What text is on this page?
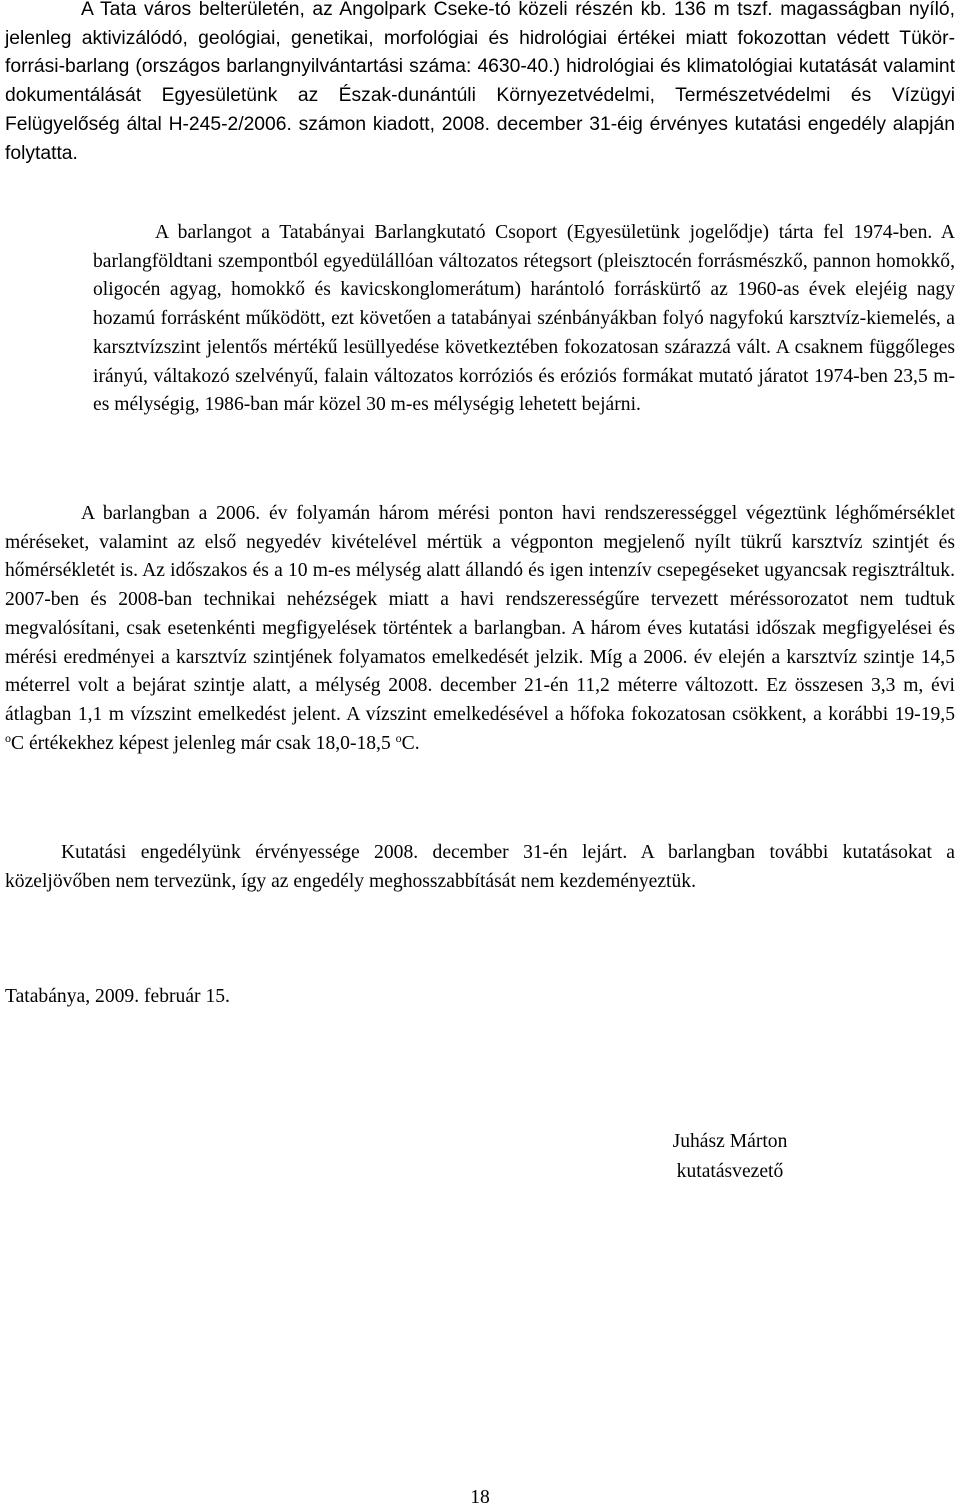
A Tata város belterületén, az Angolpark Cseke-tó közeli részén kb. 136 m tszf. magasságban nyíló, jelenleg aktivizálódó, geológiai, genetikai, morfológiai és hidrológiai értékei miatt fokozottan védett Tükör-forrási-barlang (országos barlangnyilvántartási száma: 4630-40.) hidrológiai és klimatológiai kutatását valamint dokumentálását Egyesületünk az Észak-dunántúli Környezetvédelmi, Természetvédelmi és Vízügyi Felügyelőség által H-245-2/2006. számon kiadott, 2008. december 31-éig érvényes kutatási engedély alapján folytatta.

A barlangot a Tatabányai Barlangkutató Csoport (Egyesületünk jogelődje) tárta fel 1974-ben. A barlangföldtani szempontból egyedülállóan változatos rétegsort (pleisztocén forrásmészkő, pannon homokkő, oligocén agyag, homokkő és kavicskonglomerátum) harántoló forráskürtő az 1960-as évek elejéig nagy hozamú forrásként működött, ezt követően a tatabányai szénbányákban folyó nagyfokú karsztvíz-kiemelés, a karsztvízszint jelentős mértékű lesüllyedése következtében fokozatosan szárazzá vált. A csaknem függőleges irányú, váltakozó szelvényű, falain változatos korróziós és eróziós formákat mutató járatot 1974-ben 23,5 m-es mélységig, 1986-ban már közel 30 m-es mélységig lehetett bejárni.

A barlangban a 2006. év folyamán három mérési ponton havi rendszerességgel végeztünk léghőmérséklet méréseket, valamint az első negyedév kivételével mértük a végponton megjelenő nyílt tükrű karsztvíz szintjét és hőmérsékletét is. Az időszakos és a 10 m-es mélység alatt állandó és igen intenzív csepegéseket ugyancsak regisztráltuk. 2007-ben és 2008-ban technikai nehézségek miatt a havi rendszerességűre tervezett méréssorozatot nem tudtuk megvalósítani, csak esetenkénti megfigyelések történtek a barlangban. A három éves kutatási időszak megfigyelései és mérési eredményei a karsztvíz szintjének folyamatos emelkedését jelzik. Míg a 2006. év elején a karsztvíz szintje 14,5 méterrel volt a bejárat szintje alatt, a mélység 2008. december 21-én 11,2 méterre változott. Ez összesen 3,3 m, évi átlagban 1,1 m vízszint emelkedést jelent. A vízszint emelkedésével a hőfoka fokozatosan csökkent, a korábbi 19-19,5 $^o$C értékekhez képest jelenleg már csak 18,0-18,5 $^o$C.

Kutatási engedélyünk érvényessége 2008. december 31-én lejárt. A barlangban további kutatásokat a közeljövőben nem tervezünk, így az engedély meghosszabbítását nem kezdeményeztük.

Tatabánya, 2009. február 15.
Juhász Márton
kutatásvezető
18
